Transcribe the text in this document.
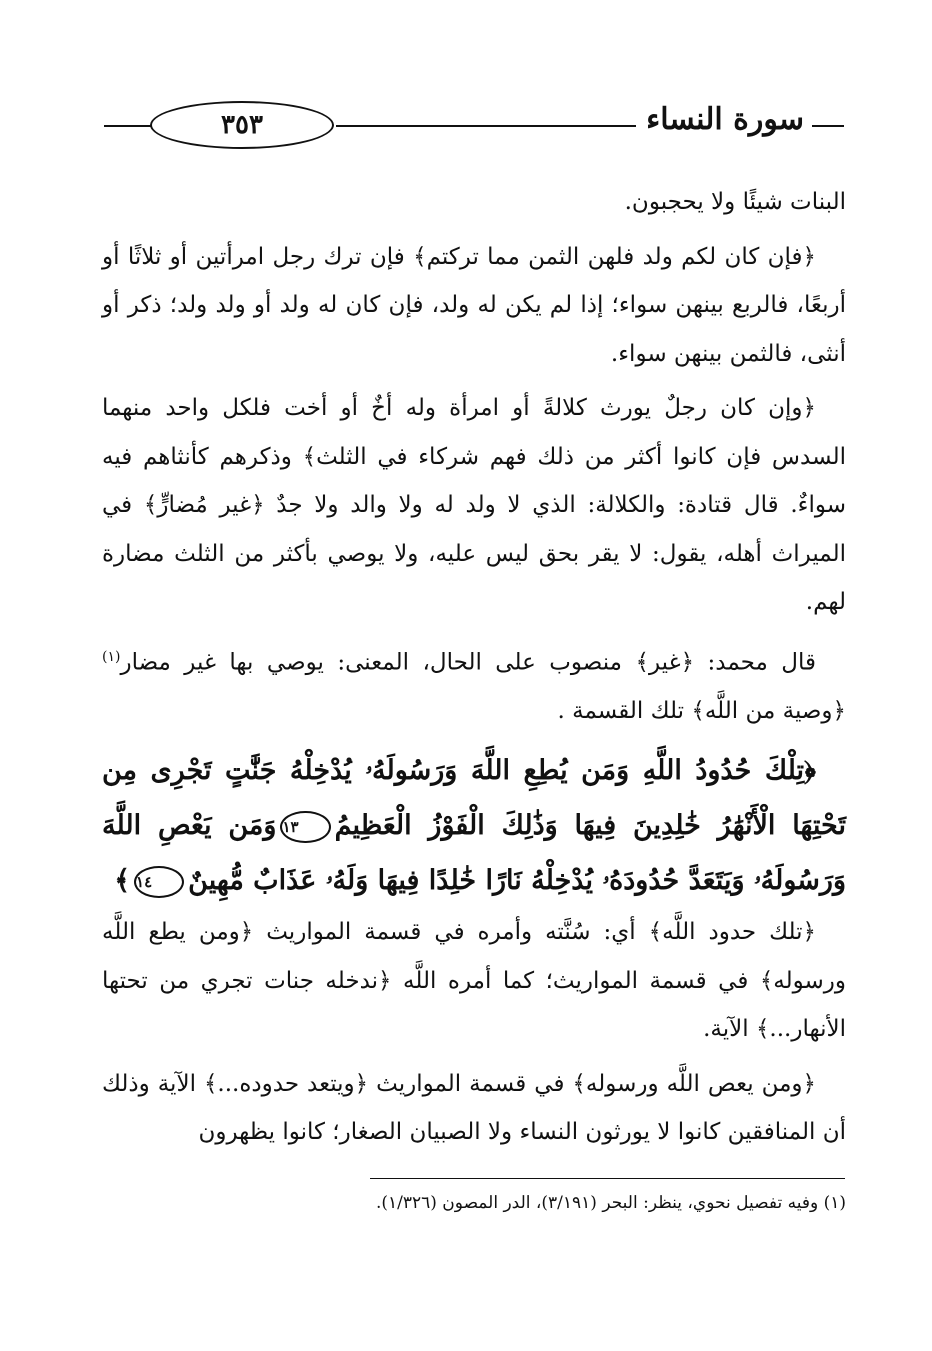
٣٥٣	سورة النساء

البنات شيئًا ولا يحجبون.

﴿فإن كان لكم ولد فلهن الثمن مما تركتم﴾ فإن ترك رجل امرأتين أو ثلاثًا أو أربعًا، فالربع بينهن سواء؛ إذا لم يكن له ولد، فإن كان له ولد أو ولد ولد؛ ذكر أو أنثى، فالثمن بينهن سواء.

﴿وإن كان رجلٌ يورث كلالةً أو امرأة وله أخٌ أو أخت فلكل واحد منهما السدس فإن كانوا أكثر من ذلك فهم شركاء في الثلث﴾ وذكرهم كأنثاهم فيه سواءٌ. قال قتادة: والكلالة: الذي لا ولد له ولا والد ولا جدٌ ﴿غير مُضارٍّ﴾ في الميراث أهله، يقول: لا يقر بحق ليس عليه، ولا يوصي بأكثر من الثلث مضارة لهم.

قال محمد: ﴿غير﴾ منصوب على الحال، المعنى: يوصي بها غير مضار$^{(١)}$ ﴿وصية من اللَّه﴾ تلك القسمة .

﴿تِلْكَ حُدُودُ اللَّهِ وَمَن يُطِعِ اللَّهَ وَرَسُولَهُۥ يُدْخِلْهُ جَنَّٰتٍ تَجْرِى مِن تَحْتِهَا الْأَنْهَٰرُ خَٰلِدِينَ فِيهَا وَذَٰلِكَ الْفَوْزُ الْعَظِيمُ١٣وَمَن يَعْصِ اللَّهَ وَرَسُولَهُۥ وَيَتَعَدَّ حُدُودَهُۥ يُدْخِلْهُ نَارًا خَٰلِدًا فِيهَا وَلَهُۥ عَذَابٌ مُّهِينٌ١٤﴾

﴿تلك حدود اللَّه﴾ أي: سُنَّته وأمره في قسمة المواريث ﴿ومن يطع اللَّه ورسوله﴾ في قسمة المواريث؛ كما أمره اللَّه ﴿ندخله جنات تجري من تحتها الأنهار...﴾ الآية.

﴿ومن يعص اللَّه ورسوله﴾ في قسمة المواريث ﴿ويتعد حدوده...﴾ الآية وذلك أن المنافقين كانوا لا يورثون النساء ولا الصبيان الصغار؛ كانوا يظهرون

(١) وفيه تفصيل نحوي، ينظر: البحر (٣/١٩١)، الدر المصون (١/٣٢٦).
